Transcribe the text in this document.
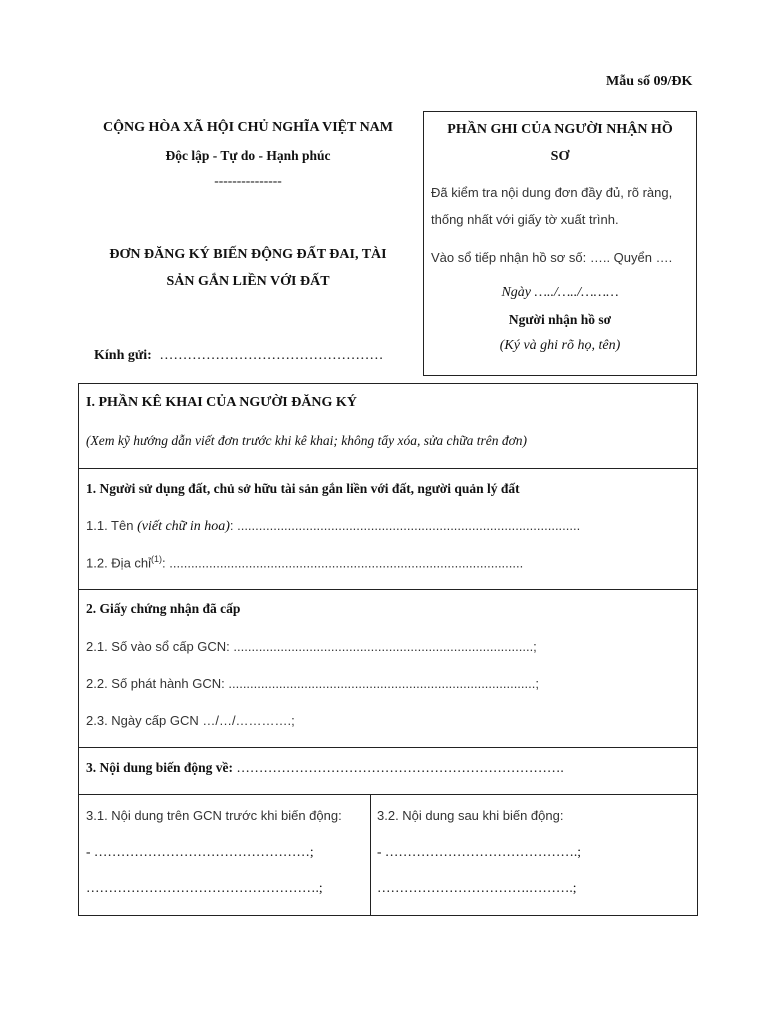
Mẫu số 09/ĐK
CỘNG HÒA XÃ HỘI CHỦ NGHĨA VIỆT NAM
Độc lập - Tự do - Hạnh phúc
---------------
ĐƠN ĐĂNG KÝ BIẾN ĐỘNG ĐẤT ĐAI, TÀI
SẢN GẮN LIỀN VỚI ĐẤT
Kính gửi: …………………………………………
PHẦN GHI CỦA NGƯỜI NHẬN HỒ
SƠ
Đã kiểm tra nội dung đơn đầy đủ, rõ ràng,
thống nhất với giấy tờ xuất trình.
Vào sổ tiếp nhận hồ sơ số: ….. Quyển ….
Ngày …../…../………
Người nhận hồ sơ
(Ký và ghi rõ họ, tên)
I. PHẦN KÊ KHAI CỦA NGƯỜI ĐĂNG KÝ
(Xem kỹ hướng dẫn viết đơn trước khi kê khai; không tẩy xóa, sửa chữa trên đơn)
1. Người sử dụng đất, chủ sở hữu tài sản gắn liền với đất, người quản lý đất
1.1. Tên (viết chữ in hoa): ...............................................................................................
1.2. Địa chỉ$^{(1)}$: ..................................................................................................
2. Giấy chứng nhận đã cấp
2.1. Số vào sổ cấp GCN: ...................................................................................;
2.2. Số phát hành GCN: .....................................................................................;
2.3. Ngày cấp GCN …/…/………….;
3. Nội dung biến động về: ……………………………………………………………….
3.1. Nội dung trên GCN trước khi biến động:
- …………………………………………;
…………………………………………….;
3.2. Nội dung sau khi biến động:
- …………………………………….;
…………………………….……….;
